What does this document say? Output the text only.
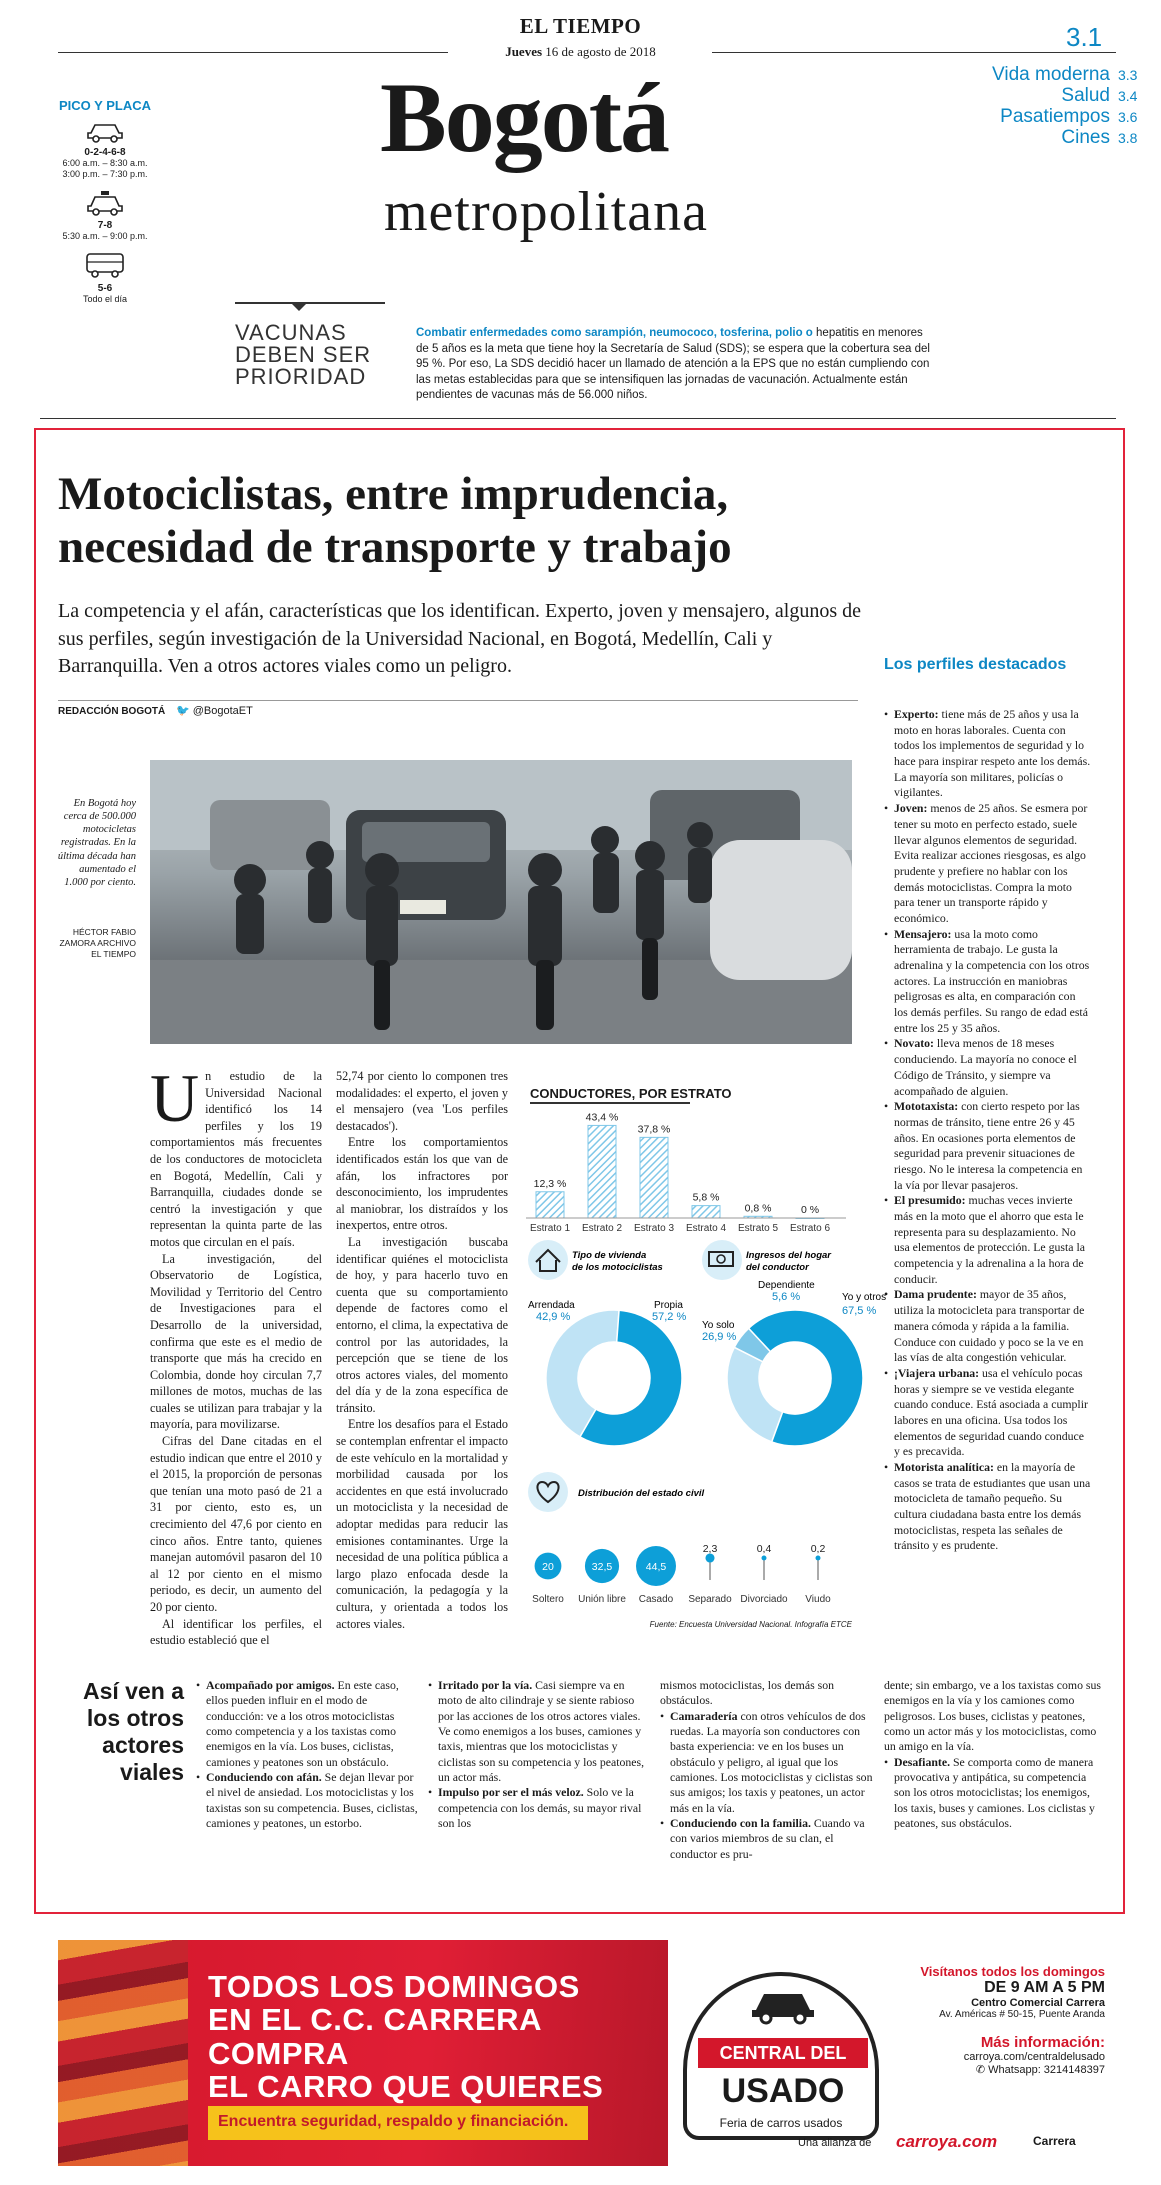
EL TIEMPO
Jueves 16 de agosto de 2018	3.1
Bogotá
metropolitana
Vida moderna 3.3
Salud 3.4
Pasatiempos 3.6
Cines 3.8
PICO Y PLACA
0-2-4-6-8
6:00 a.m. – 8:30 a.m.
3:00 p.m. – 7:30 p.m.
7-8
5:30 a.m. – 9:00 p.m.
5-6
Todo el día
VACUNAS DEBEN SER PRIORIDAD
Combatir enfermedades como sarampión, neumococo, tosferina, polio o hepatitis en menores de 5 años es la meta que tiene hoy la Secretaría de Salud (SDS); se espera que la cobertura sea del 95 %. Por eso, La SDS decidió hacer un llamado de atención a la EPS que no están cumpliendo con las metas establecidas para que se intensifiquen las jornadas de vacunación. Actualmente están pendientes de vacunas más de 56.000 niños.
Motociclistas, entre imprudencia, necesidad de transporte y trabajo

La competencia y el afán, características que los identifican. Experto, joven y mensajero, algunos de sus perfiles, según investigación de la Universidad Nacional, en Bogotá, Medellín, Cali y Barranquilla. Ven a otros actores viales como un peligro.

REDACCIÓN BOGOTÁ 🐦 @BogotaET
En Bogotá hoy cerca de 500.000 motocicletas registradas. En la última década han aumentado el 1.000 por ciento.
HÉCTOR FABIO ZAMORA ARCHIVO EL TIEMPO

Un estudio de la Universidad Nacional identificó los 14 perfiles y los 19 comportamientos más frecuentes de los conductores de motocicleta en Bogotá, Medellín, Cali y Barranquilla, ciudades donde se centró la investigación y que representan la quinta parte de las motos que circulan en el país.

La investigación, del Observatorio de Logística, Movilidad y Territorio del Centro de Investigaciones para el Desarrollo de la universidad, confirma que este es el medio de transporte que más ha crecido en Colombia, donde hoy circulan 7,7 millones de motos, muchas de las cuales se utilizan para trabajar y la mayoría, para movilizarse.

Cifras del Dane citadas en el estudio indican que entre el 2010 y el 2015, la proporción de personas que tenían una moto pasó de 21 a 31 por ciento, esto es, un crecimiento del 47,6 por ciento en cinco años. Entre tanto, quienes manejan automóvil pasaron del 10 al 12 por ciento en el mismo periodo, es decir, un aumento del 20 por ciento.

Al identificar los perfiles, el estudio estableció que el

52,74 por ciento lo componen tres modalidades: el experto, el joven y el mensajero (vea 'Los perfiles destacados').

Entre los comportamientos identificados están los que van de afán, los infractores por desconocimiento, los imprudentes al maniobrar, los distraídos y los inexpertos, entre otros.

La investigación buscaba identificar quiénes el motociclista de hoy, y para hacerlo tuvo en cuenta que su comportamiento depende de factores como el entorno, el clima, la expectativa de control por las autoridades, la percepción que se tiene de los otros actores viales, del momento del día y de la zona específica de tránsito.

Entre los desafíos para el Estado se contemplan enfrentar el impacto de este vehículo en la mortalidad y morbilidad causada por los accidentes en que está involucrado un motociclista y la necesidad de adoptar medidas para reducir las emisiones contaminantes. Urge la necesidad de una política pública a largo plazo enfocada desde la comunicación, la pedagogía y la cultura, y orientada a todos los actores viales.

CONDUCTORES, POR ESTRATO
12,3 %
Estrato 1
43,4 %
Estrato 2
37,8 %
Estrato 3
5,8 %
Estrato 4
0,8 %
Estrato 5
0 %
Estrato 6
Tipo de vivienda
de los motociclistas
Arrendada
42,9 %
Propia
57,2 %
Ingresos del hogar
del conductor
Yo solo
26,9 %
Dependiente
5,6 %	Yo y otros
67,5 %
Distribución del estado civil
20
Soltero
32,5
Unión libre
44,5
Casado
2,3
Separado
0,4
Divorciado
0,2
Viudo
Fuente: Encuesta Universidad Nacional. Infografía ETCE
Los perfiles destacados
• Experto: tiene más de 25 años y usa la moto en horas laborales. Cuenta con todos los implementos de seguridad y lo hace para inspirar respeto ante los demás. La mayoría son militares, policías o vigilantes.
• Joven: menos de 25 años. Se esmera por tener su moto en perfecto estado, suele llevar algunos elementos de seguridad. Evita realizar acciones riesgosas, es algo prudente y prefiere no hablar con los demás motociclistas. Compra la moto para tener un transporte rápido y económico.
• Mensajero: usa la moto como herramienta de trabajo. Le gusta la adrenalina y la competencia con los otros actores. La instrucción en maniobras peligrosas es alta, en comparación con los demás perfiles. Su rango de edad está entre los 25 y 35 años.
• Novato: lleva menos de 18 meses conduciendo. La mayoría no conoce el Código de Tránsito, y siempre va acompañado de alguien.
• Mototaxista: con cierto respeto por las normas de tránsito, tiene entre 26 y 45 años. En ocasiones porta elementos de seguridad para prevenir situaciones de riesgo. No le interesa la competencia en la vía por llevar pasajeros.
• El presumido: muchas veces invierte más en la moto que el ahorro que esta le representa para su desplazamiento. No usa elementos de protección. Le gusta la competencia y la adrenalina a la hora de conducir.
• Dama prudente: mayor de 35 años, utiliza la motocicleta para transportar de manera cómoda y rápida a la familia. Conduce con cuidado y poco se la ve en las vías de alta congestión vehicular.
• ¡Viajera urbana: usa el vehículo pocas horas y siempre se ve vestida elegante cuando conduce. Está asociada a cumplir labores en una oficina. Usa todos los elementos de seguridad cuando conduce y es precavida.
• Motorista analítica: en la mayoría de casos se trata de estudiantes que usan una motocicleta de tamaño pequeño. Su cultura ciudadana basta entre los demás motociclistas, respeta las señales de tránsito y es prudente.
Así ven a los otros actores viales
• Acompañado por amigos. En este caso, ellos pueden influir en el modo de conducción: ve a los otros motociclistas como competencia y a los taxistas como enemigos en la vía. Los buses, ciclistas, camiones y peatones son un obstáculo.
• Conduciendo con afán. Se dejan llevar por el nivel de ansiedad. Los motociclistas y los taxistas son su competencia. Buses, ciclistas, camiones y peatones, un estorbo.
• Irritado por la vía. Casi siempre va en moto de alto cilindraje y se siente rabioso por las acciones de los otros actores viales. Ve como enemigos a los buses, camiones y taxis, mientras que los motociclistas y ciclistas son su competencia y los peatones, un actor más.
• Impulso por ser el más veloz. Solo ve la competencia con los demás, su mayor rival son los
mismos motociclistas, los demás son obstáculos.
• Camaradería con otros vehículos de dos ruedas. La mayoría son conductores con basta experiencia: ve en los buses un obstáculo y peligro, al igual que los camiones. Los motociclistas y ciclistas son sus amigos; los taxis y peatones, un actor más en la vía.
• Conduciendo con la familia. Cuando va con varios miembros de su clan, el conductor es pru-
dente; sin embargo, ve a los taxistas como sus enemigos en la vía y los camiones como peligrosos. Los buses, ciclistas y peatones, como un actor más y los motociclistas, como un amigo en la vía.
• Desafiante. Se comporta como de manera provocativa y antipática, su competencia son los otros motociclistas; los enemigos, los taxis, buses y camiones. Los ciclistas y peatones, sus obstáculos.
TODOS LOS DOMINGOS
EN EL C.C. CARRERA COMPRA
EL CARRO QUE QUIERES
Encuentra seguridad, respaldo y financiación.
CENTRAL DEL
USADO
Feria de carros usados
Visítanos todos los domingos
DE 9 AM A 5 PM
Centro Comercial Carrera
Av. Américas # 50-15, Puente Aranda
Más información:
carroya.com/centraldelusado
✆ Whatsapp: 3214148397
Una alianza de carroya.com	Carrera
